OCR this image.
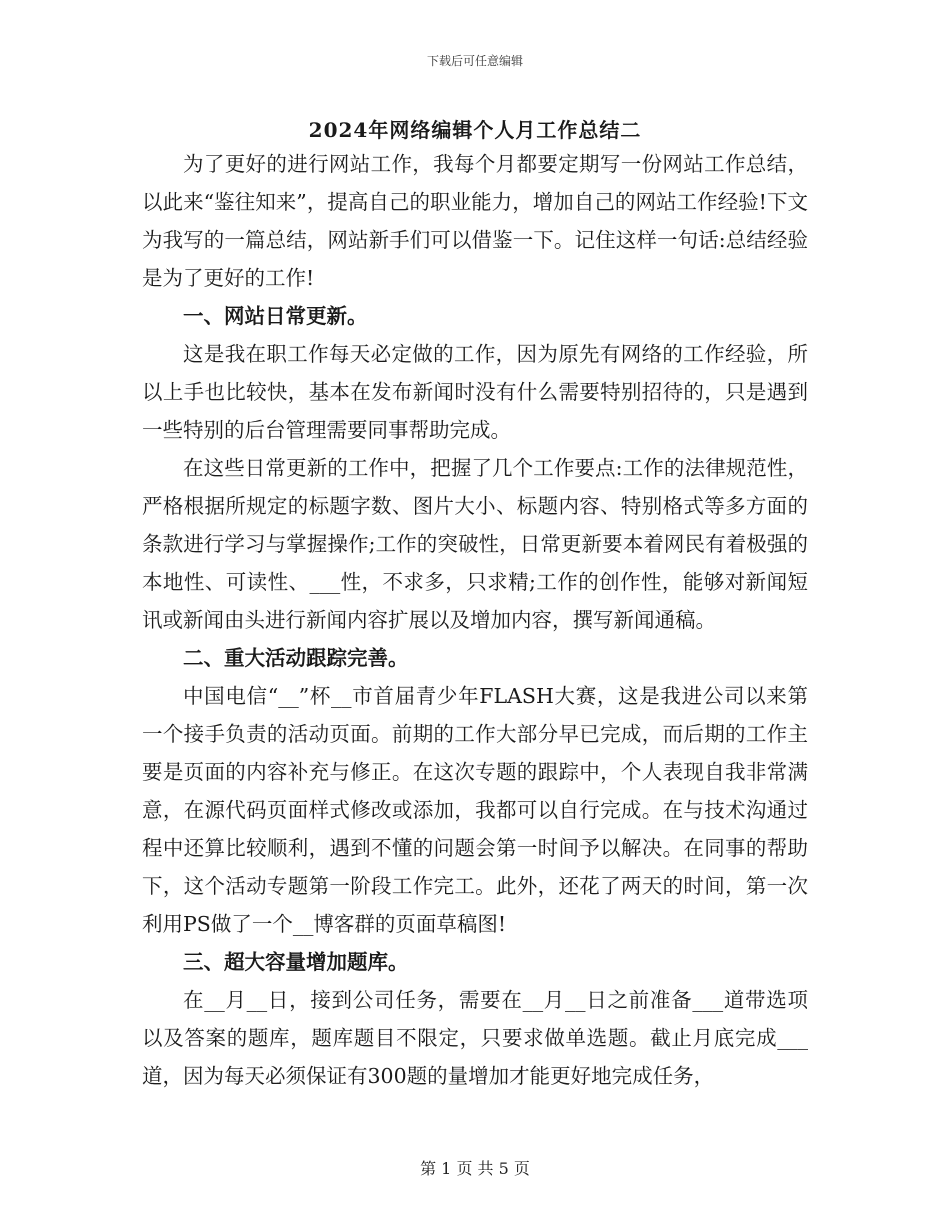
下载后可任意编辑
2024年网络编辑个人月工作总结二

为了更好的进行网站工作，我每个月都要定期写一份网站工作总结，以此来“鉴往知来”，提高自己的职业能力，增加自己的网站工作经验!下文为我写的一篇总结，网站新手们可以借鉴一下。记住这样一句话:总结经验是为了更好的工作!

一、网站日常更新。

这是我在职工作每天必定做的工作，因为原先有网络的工作经验，所以上手也比较快，基本在发布新闻时没有什么需要特别招待的，只是遇到一些特别的后台管理需要同事帮助完成。

在这些日常更新的工作中，把握了几个工作要点:工作的法律规范性，严格根据所规定的标题字数、图片大小、标题内容、特别格式等多方面的条款进行学习与掌握操作;工作的突破性，日常更新要本着网民有着极强的本地性、可读性、___性，不求多，只求精;工作的创作性，能够对新闻短讯或新闻由头进行新闻内容扩展以及增加内容，撰写新闻通稿。

二、重大活动跟踪完善。

中国电信“__”杯__市首届青少年FLASH大赛，这是我进公司以来第一个接手负责的活动页面。前期的工作大部分早已完成，而后期的工作主要是页面的内容补充与修正。在这次专题的跟踪中，个人表现自我非常满意，在源代码页面样式修改或添加，我都可以自行完成。在与技术沟通过程中还算比较顺利，遇到不懂的问题会第一时间予以解决。在同事的帮助下，这个活动专题第一阶段工作完工。此外，还花了两天的时间，第一次利用PS做了一个__博客群的页面草稿图!

三、超大容量增加题库。

在__月__日，接到公司任务，需要在__月__日之前准备___道带选项以及答案的题库，题库题目不限定，只要求做单选题。截止月底完成___道，因为每天必须保证有300题的量增加才能更好地完成任务，

第 1 页 共 5 页
